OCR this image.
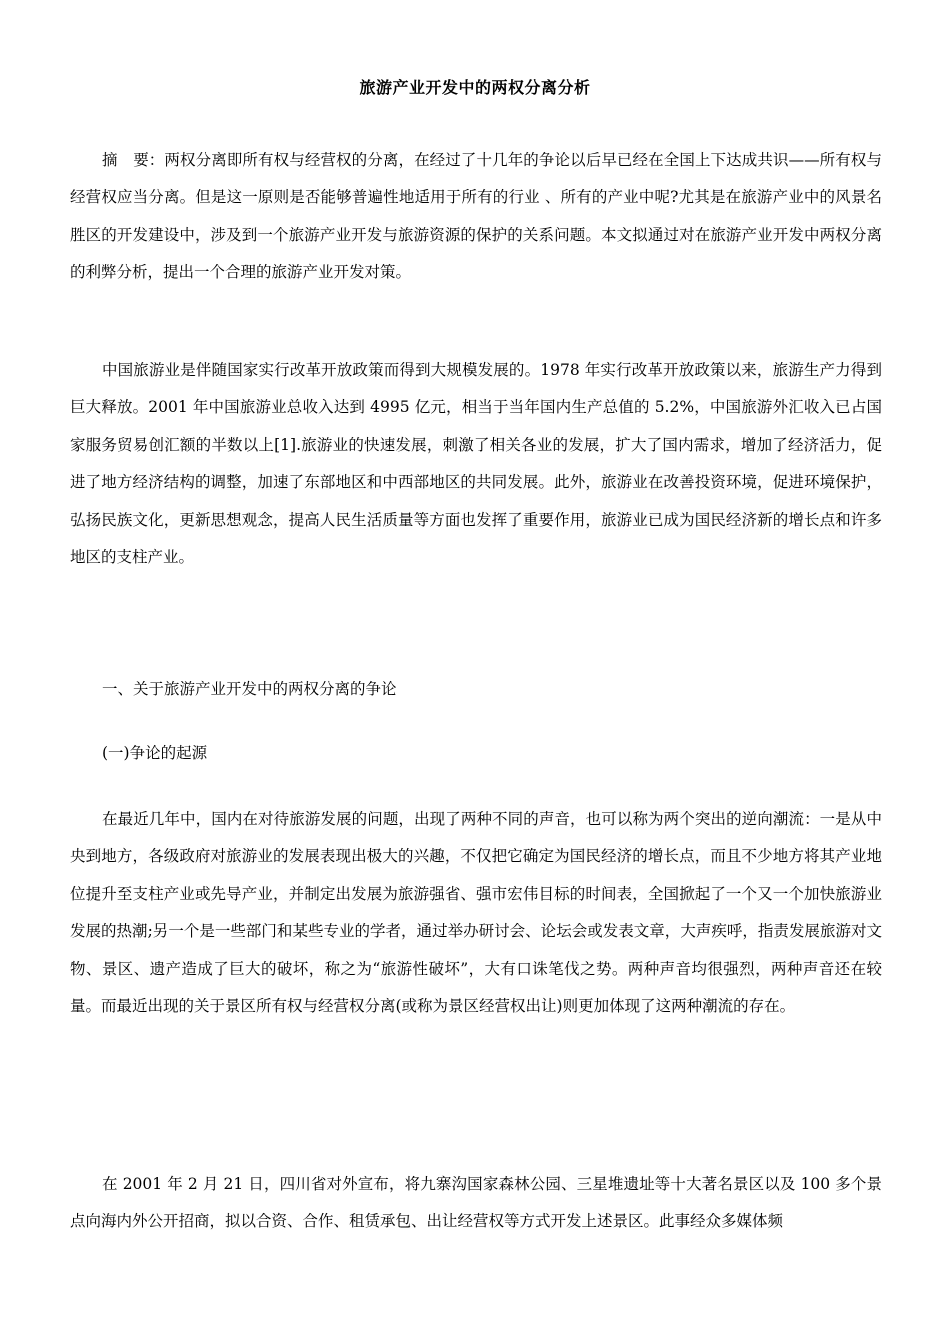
旅游产业开发中的两权分离分析

摘　要：两权分离即所有权与经营权的分离，在经过了十几年的争论以后早已经在全国上下达成共识——所有权与经营权应当分离。但是这一原则是否能够普遍性地适用于所有的行业 、所有的产业中呢?尤其是在旅游产业中的风景名胜区的开发建设中，涉及到一个旅游产业开发与旅游资源的保护的关系问题。本文拟通过对在旅游产业开发中两权分离的利弊分析，提出一个合理的旅游产业开发对策。

中国旅游业是伴随国家实行改革开放政策而得到大规模发展的。1978 年实行改革开放政策以来，旅游生产力得到巨大释放。2001 年中国旅游业总收入达到 4995 亿元，相当于当年国内生产总值的 5.2%，中国旅游外汇收入已占国家服务贸易创汇额的半数以上[1].旅游业的快速发展，刺激了相关各业的发展，扩大了国内需求，增加了经济活力，促进了地方经济结构的调整，加速了东部地区和中西部地区的共同发展。此外，旅游业在改善投资环境，促进环境保护，弘扬民族文化，更新思想观念，提高人民生活质量等方面也发挥了重要作用，旅游业已成为国民经济新的增长点和许多地区的支柱产业。

一、关于旅游产业开发中的两权分离的争论
(一)争论的起源

在最近几年中，国内在对待旅游发展的问题，出现了两种不同的声音，也可以称为两个突出的逆向潮流：一是从中央到地方，各级政府对旅游业的发展表现出极大的兴趣，不仅把它确定为国民经济的增长点，而且不少地方将其产业地位提升至支柱产业或先导产业，并制定出发展为旅游强省、强市宏伟目标的时间表，全国掀起了一个又一个加快旅游业发展的热潮;另一个是一些部门和某些专业的学者，通过举办研讨会、论坛会或发表文章，大声疾呼，指责发展旅游对文物、景区、遗产造成了巨大的破坏，称之为“旅游性破坏”，大有口诛笔伐之势。两种声音均很强烈，两种声音还在较量。而最近出现的关于景区所有权与经营权分离(或称为景区经营权出让)则更加体现了这两种潮流的存在。

在 2001 年 2 月 21 日，四川省对外宣布，将九寨沟国家森林公园、三星堆遗址等十大著名景区以及 100 多个景点向海内外公开招商，拟以合资、合作、租赁承包、出让经营权等方式开发上述景区。此事经众多媒体频
